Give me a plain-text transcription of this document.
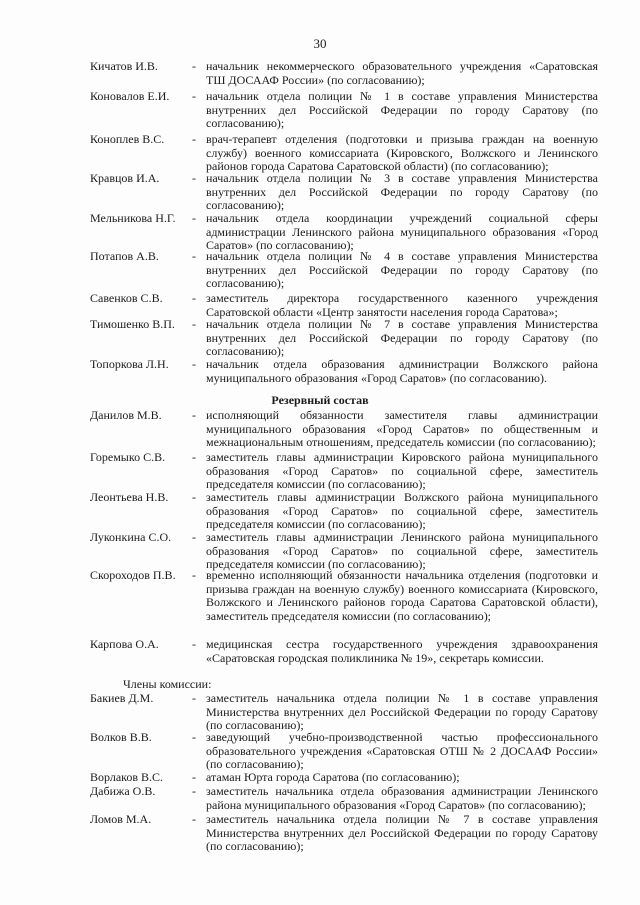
30
Кичатов И.В.	- начальник некоммерческого образовательного учреждения «Саратовская ТШ ДОСААФ России» (по согласованию);
Коновалов Е.И. - начальник отдела полиции № 1 в составе управления Министерства внутренних дел Российской Федерации по городу Саратову (по согласованию);
Коноплев В.С. - врач-терапевт отделения (подготовки и призыва граждан на военную службу) военного комиссариата (Кировского, Волжского и Ленинского районов города Саратова Саратовской области) (по согласованию);
Кравцов И.А.	- начальник отдела полиции № 3 в составе управления Министерства внутренних дел Российской Федерации по городу Саратову (по согласованию);
Мельникова Н.Г. - начальник отдела координации учреждений социальной сферы администрации Ленинского района муниципального образования «Город Саратов» (по согласованию);
Потапов А.В.	- начальник отдела полиции № 4 в составе управления Министерства внутренних дел Российской Федерации по городу Саратову (по согласованию);
Савенков С.В. - заместитель директора государственного казенного учреждения Саратовской области «Центр занятости населения города Саратова»;
Тимошенко В.П. - начальник отдела полиции № 7 в составе управления Министерства внутренних дел Российской Федерации по городу Саратову (по согласованию);
Топоркова Л.Н. - начальник отдела образования администрации Волжского района муниципального образования «Город Саратов» (по согласованию).
Резервный состав
Данилов М.В.	- исполняющий обязанности заместителя главы администрации муниципального образования «Город Саратов» по общественным и межнациональным отношениям, председатель комиссии (по согласованию);
Горемыко С.В. - заместитель главы администрации Кировского района муниципального образования «Город Саратов» по социальной сфере, заместитель председателя комиссии (по согласованию);
Леонтьева Н.В. - заместитель главы администрации Волжского района муниципального образования «Город Саратов» по социальной сфере, заместитель председателя комиссии (по согласованию);
Луконкина С.О. - заместитель главы администрации Ленинского района муниципального образования «Город Саратов» по социальной сфере, заместитель председателя комиссии (по согласованию);
Скороходов П.В. - временно исполняющий обязанности начальника отделения (подготовки и призыва граждан на военную службу) военного комиссариата (Кировского, Волжского и Ленинского районов города Саратова Саратовской области), заместитель председателя комиссии (по согласованию);
Карпова О.А.	- медицинская сестра государственного учреждения здравоохранения «Саратовская городская поликлиника № 19», секретарь комиссии.
Члены комиссии:
Бакиев Д.М.	- заместитель начальника отдела полиции № 1 в составе управления Министерства внутренних дел Российской Федерации по городу Саратову (по согласованию);
Волков В.В.	- заведующий учебно-производственной частью профессионального образовательного учреждения «Саратовская ОТШ № 2 ДОСААФ России» (по согласованию);
Ворлаков В.С. - атаман Юрта города Саратова (по согласованию);
Дабижа О.В.	- заместитель начальника отдела образования администрации Ленинского района муниципального образования «Город Саратов» (по согласованию);
Ломов М.А.	- заместитель начальника отдела полиции № 7 в составе управления Министерства внутренних дел Российской Федерации по городу Саратову (по согласованию);
